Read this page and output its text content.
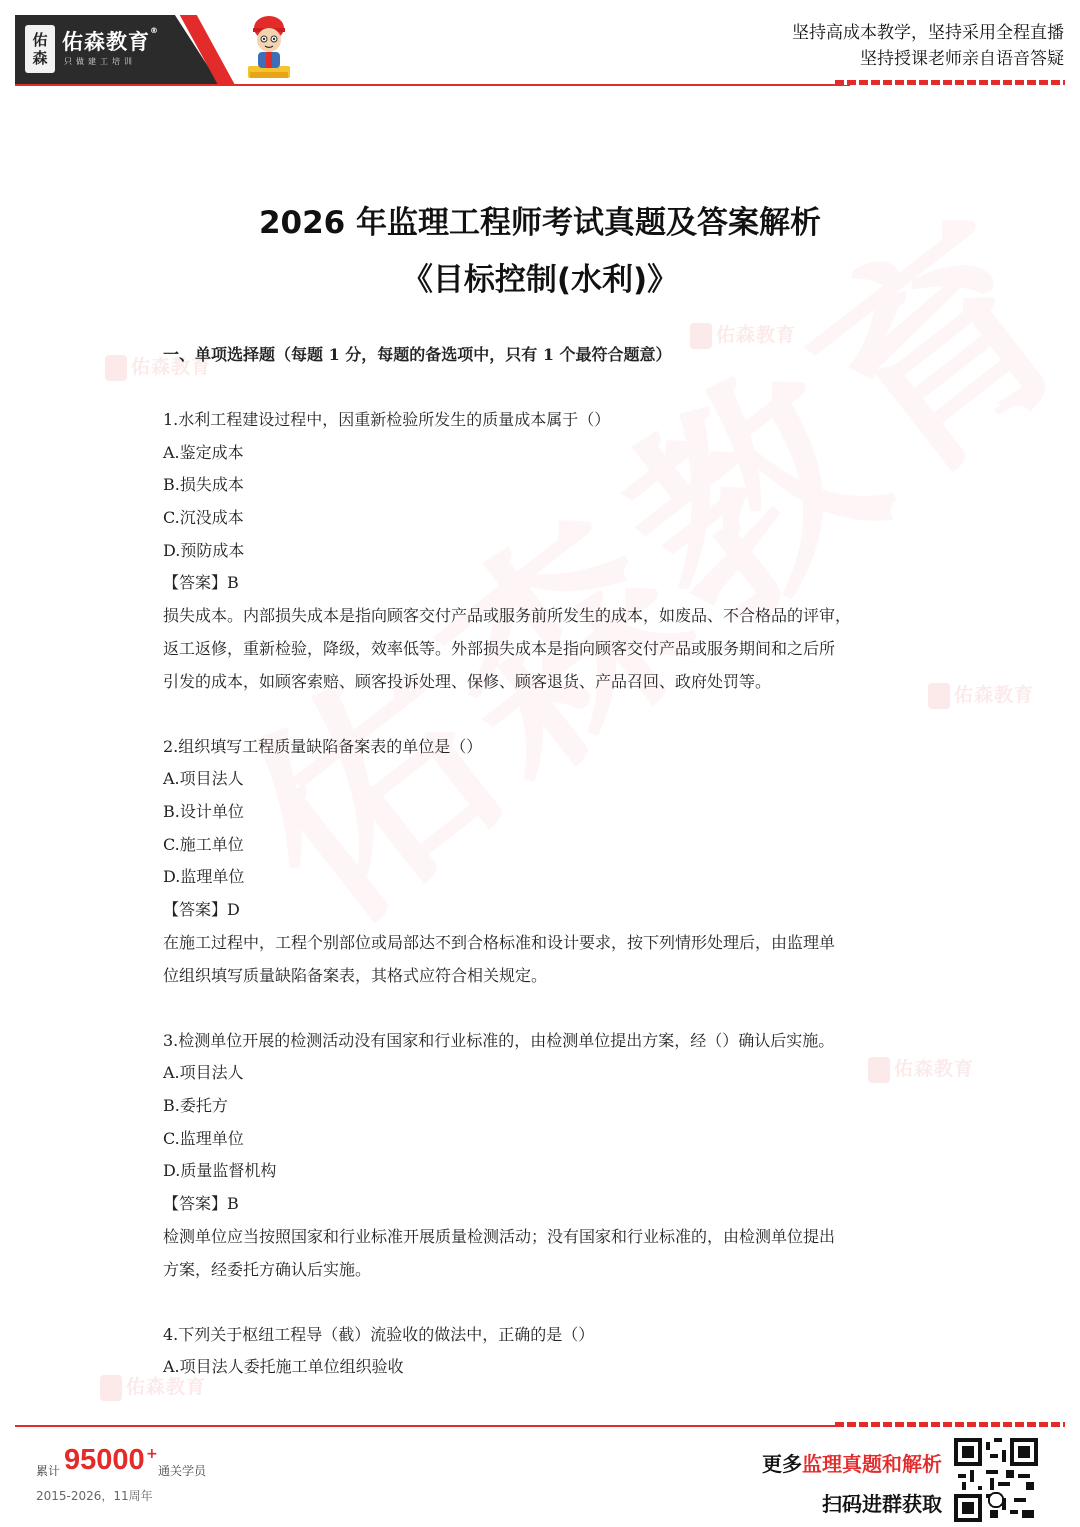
佑
森
佑森教育®
只做建工培训
坚持高成本教学，坚持采用全程直播
坚持授课老师亲自语音答疑
佑森教育
佑森教育
佑森教育
佑森教育
佑森教育
2026 年监理工程师考试真题及答案解析
《目标控制(水利)》
一、单项选择题（每题 1 分，每题的备选项中，只有 1 个最符合题意）
1.水利工程建设过程中，因重新检验所发生的质量成本属于（）
A.鉴定成本
B.损失成本
C.沉没成本
D.预防成本
【答案】B
损失成本。内部损失成本是指向顾客交付产品或服务前所发生的成本，如废品、不合格品的评审，
返工返修，重新检验，降级，效率低等。外部损失成本是指向顾客交付产品或服务期间和之后所
引发的成本，如顾客索赔、顾客投诉处理、保修、顾客退货、产品召回、政府处罚等。
2.组织填写工程质量缺陷备案表的单位是（）
A.项目法人
B.设计单位
C.施工单位
D.监理单位
【答案】D
在施工过程中，工程个别部位或局部达不到合格标准和设计要求，按下列情形处理后，由监理单
位组织填写质量缺陷备案表，其格式应符合相关规定。
3.检测单位开展的检测活动没有国家和行业标准的，由检测单位提出方案，经（）确认后实施。
A.项目法人
B.委托方
C.监理单位
D.质量监督机构
【答案】B
检测单位应当按照国家和行业标准开展质量检测活动；没有国家和行业标准的，由检测单位提出
方案，经委托方确认后实施。
4.下列关于枢纽工程导（截）流验收的做法中，正确的是（）
A.项目法人委托施工单位组织验收
累计 95000 +
通关学员
2015-2026，11周年
更多监理真题和解析
扫码进群获取
